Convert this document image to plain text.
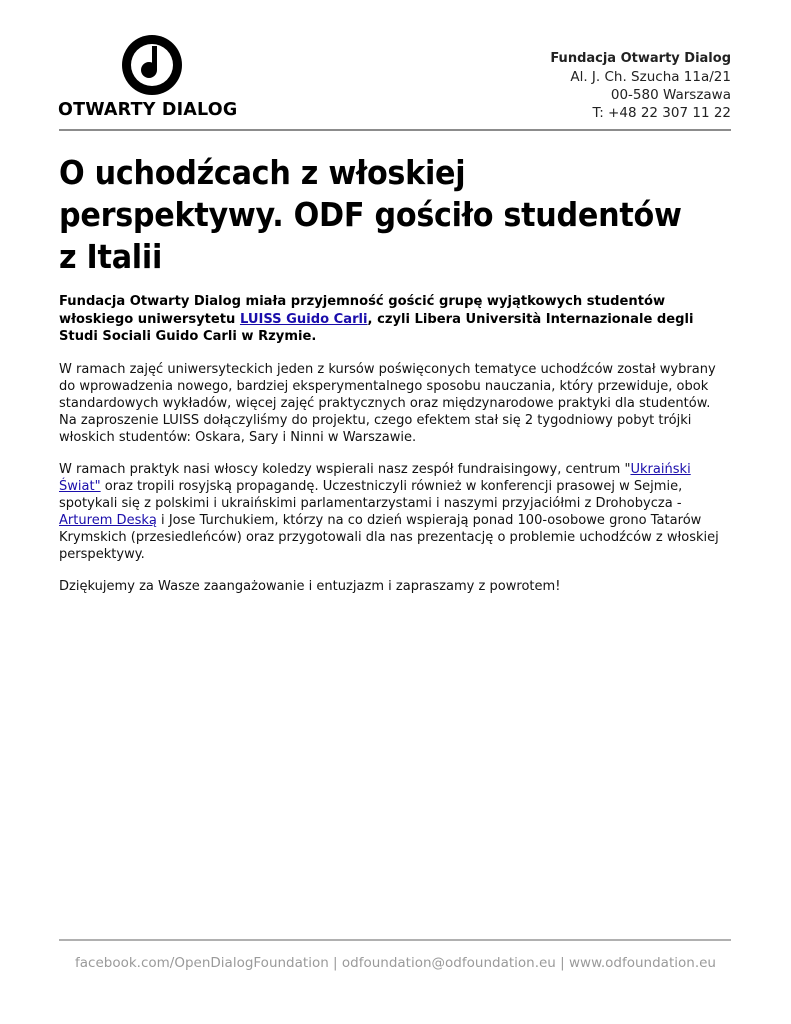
OTWARTY DIALOG
Fundacja Otwarty Dialog
Al. J. Ch. Szucha 11a/21
00-580 Warszawa
T: +48 22 307 11 22
O uchodźcach z włoskiej perspektywy. ODF gościło studentów z Italii

Fundacja Otwarty Dialog miała przyjemność gościć grupę wyjątkowych studentów włoskiego uniwersytetu LUISS Guido Carli, czyli Libera Università Internazionale degli Studi Sociali Guido Carli w Rzymie.

W ramach zajęć uniwersyteckich jeden z kursów poświęconych tematyce uchodźców został wybrany do wprowadzenia nowego, bardziej eksperymentalnego sposobu nauczania, który przewiduje, obok standardowych wykładów, więcej zajęć praktycznych oraz międzynarodowe praktyki dla studentów. Na zaproszenie LUISS dołączyliśmy do projektu, czego efektem stał się 2 tygodniowy pobyt trójki włoskich studentów: Oskara, Sary i Ninni w Warszawie.

W ramach praktyk nasi włoscy koledzy wspierali nasz zespół fundraisingowy, centrum "Ukraiński Świat" oraz tropili rosyjską propagandę. Uczestniczyli również w konferencji prasowej w Sejmie, spotykali się z polskimi i ukraińskimi parlamentarzystami i naszymi przyjaciółmi z Drohobycza - Arturem Deską i Jose Turchukiem, którzy na co dzień wspierają ponad 100-osobowe grono Tatarów Krymskich (przesiedleńców) oraz przygotowali dla nas prezentację o problemie uchodźców z włoskiej perspektywy.

Dziękujemy za Wasze zaangażowanie i entuzjazm i zapraszamy z powrotem!

facebook.com/OpenDialogFoundation | odfoundation@odfoundation.eu | www.odfoundation.eu
